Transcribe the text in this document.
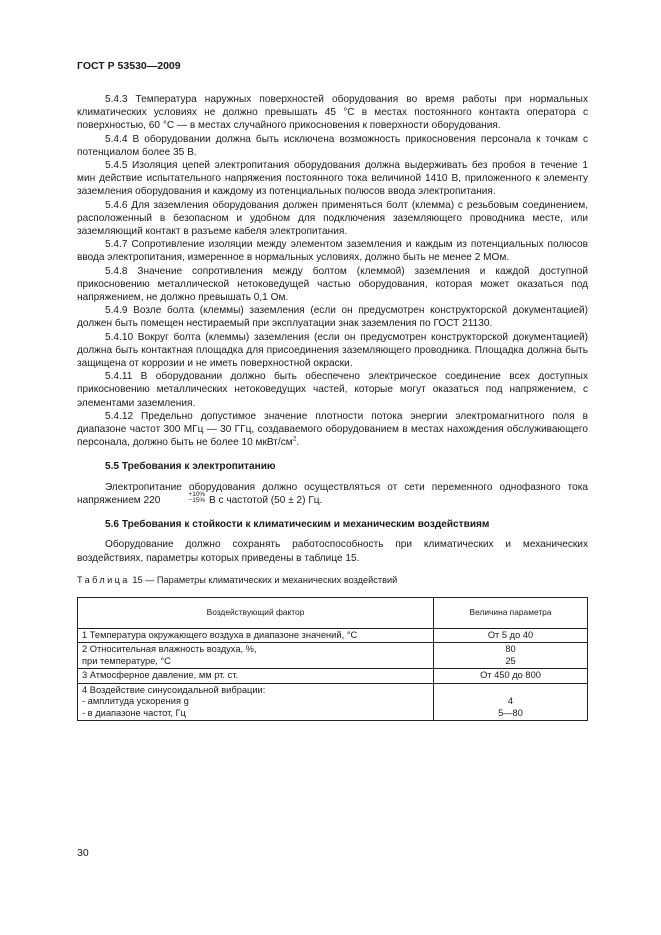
ГОСТ Р 53530—2009

5.4.3 Температура наружных поверхностей оборудования во время работы при нормальных климатических условиях не должно превышать 45 °С в местах постоянного контакта оператора с поверхностью, 60 °С — в местах случайного прикосновения к поверхности оборудования.

5.4.4 В оборудовании должна быть исключена возможность прикосновения персонала к точкам с потенциалом более 35 В.

5.4.5 Изоляция цепей электропитания оборудования должна выдерживать без пробоя в течение 1 мин действие испытательного напряжения постоянного тока величиной 1410 В, приложенного к элементу заземления оборудования и каждому из потенциальных полюсов ввода электропитания.

5.4.6 Для заземления оборудования должен применяться болт (клемма) с резьбовым соединением, расположенный в безопасном и удобном для подключения заземляющего проводника месте, или заземляющий контакт в разъеме кабеля электропитания.

5.4.7 Сопротивление изоляции между элементом заземления и каждым из потенциальных полюсов ввода электропитания, измеренное в нормальных условиях, должно быть не менее 2 МОм.

5.4.8 Значение сопротивления между болтом (клеммой) заземления и каждой доступной прикосновению металлической нетоковедущей частью оборудования, которая может оказаться под напряжением, не должно превышать 0,1 Ом.

5.4.9 Возле болта (клеммы) заземления (если он предусмотрен конструкторской документацией) должен быть помещен нестираемый при эксплуатации знак заземления по ГОСТ 21130.

5.4.10 Вокруг болта (клеммы) заземления (если он предусмотрен конструкторской документацией) должна быть контактная площадка для присоединения заземляющего проводника. Площадка должна быть защищена от коррозии и не иметь поверхностной окраски.

5.4.11 В оборудовании должно быть обеспечено электрическое соединение всех доступных прикосновению металлических нетоковедущих частей, которые могут оказаться под напряжением, с элементами заземления.

5.4.12 Предельно допустимое значение плотности потока энергии электромагнитного поля в диапазоне частот 300 МГц — 30 ГГц, создаваемого оборудованием в местах нахождения обслуживающего персонала, должно быть не более 10 мкВт/$см^2$.

5.5 Требования к электропитанию

Электропитание оборудования должно осуществляться от сети переменного однофазного тока напряжением 220
+10%
−15% В с частотой (50 ± 2) Гц.

5.6 Требования к стойкости к климатическим и механическим воздействиям

Оборудование должно сохранять работоспособность при климатических и механических воздействиях, параметры которых приведены в таблице 15.

Таблица 15 — Параметры климатических и механических воздействий

Воздействующий фактор	Величина параметра

1 Температура окружающего воздуха в диапазоне значений, °С	От 5 до 40

2 Относительная влажность воздуха, %,
при температуре, °С	80
25

3 Атмосферное давление, мм рт. ст.	От 450 до 800

4 Воздействие синусоидальной вибрации:
- амплитуда ускорения g
- в диапазоне частот, Гц	4
5—80
30
